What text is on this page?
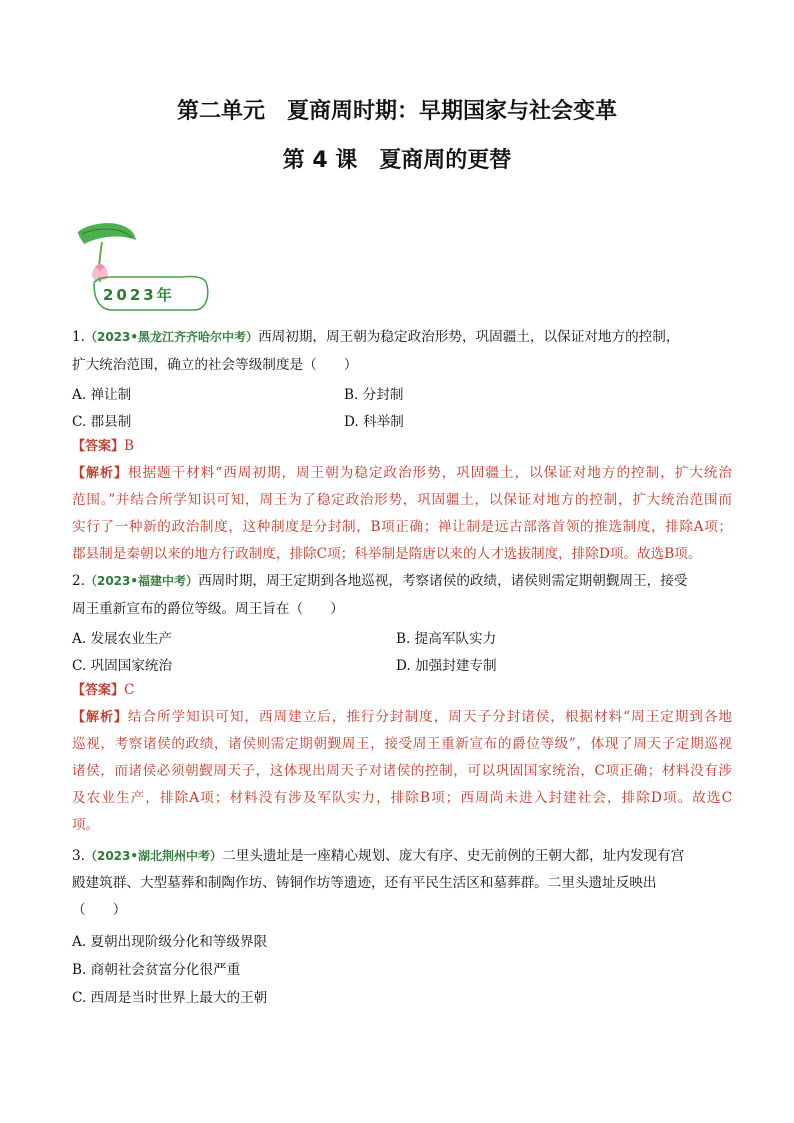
第二单元　夏商周时期：早期国家与社会变革
第 4 课　夏商周的更替
2023年
1.（2023•黑龙江齐齐哈尔中考）西周初期，周王朝为稳定政治形势，巩固疆土，以保证对地方的控制，
扩大统治范围，确立的社会等级制度是（　　）
A. 禅让制	B. 分封制
C. 郡县制	D. 科举制
【答案】B
【解析】根据题干材料“西周初期，周王朝为稳定政治形势，巩固疆土，以保证对地方的控制，扩大统治
范围。”并结合所学知识可知，周王为了稳定政治形势，巩固疆土，以保证对地方的控制，扩大统治范围而
实行了一种新的政治制度，这种制度是分封制，B项正确；禅让制是远古部落首领的推选制度，排除A项；
郡县制是秦朝以来的地方行政制度，排除C项；科举制是隋唐以来的人才选拔制度，排除D项。故选B项。
2.（2023•福建中考）西周时期，周王定期到各地巡视，考察诸侯的政绩，诸侯则需定期朝觐周王，接受
周王重新宣布的爵位等级。周王旨在（　　）
A. 发展农业生产	B. 提高军队实力
C. 巩固国家统治	D. 加强封建专制
【答案】C
【解析】结合所学知识可知，西周建立后，推行分封制度，周天子分封诸侯，根据材料“周王定期到各地
巡视，考察诸侯的政绩，诸侯则需定期朝觐周王，接受周王重新宣布的爵位等级”，体现了周天子定期巡视
诸侯，而诸侯必须朝觐周天子，这体现出周天子对诸侯的控制，可以巩固国家统治，C项正确；材料没有涉
及农业生产，排除A项；材料没有涉及军队实力，排除B项；西周尚未进入封建社会，排除D项。故选C
项。
3.（2023•湖北荆州中考）二里头遗址是一座精心规划、庞大有序、史无前例的王朝大都，址内发现有宫
殿建筑群、大型墓葬和制陶作坊、铸铜作坊等遗迹，还有平民生活区和墓葬群。二里头遗址反映出
（　　）
A. 夏朝出现阶级分化和等级界限
B. 商朝社会贫富分化很严重
C. 西周是当时世界上最大的王朝
